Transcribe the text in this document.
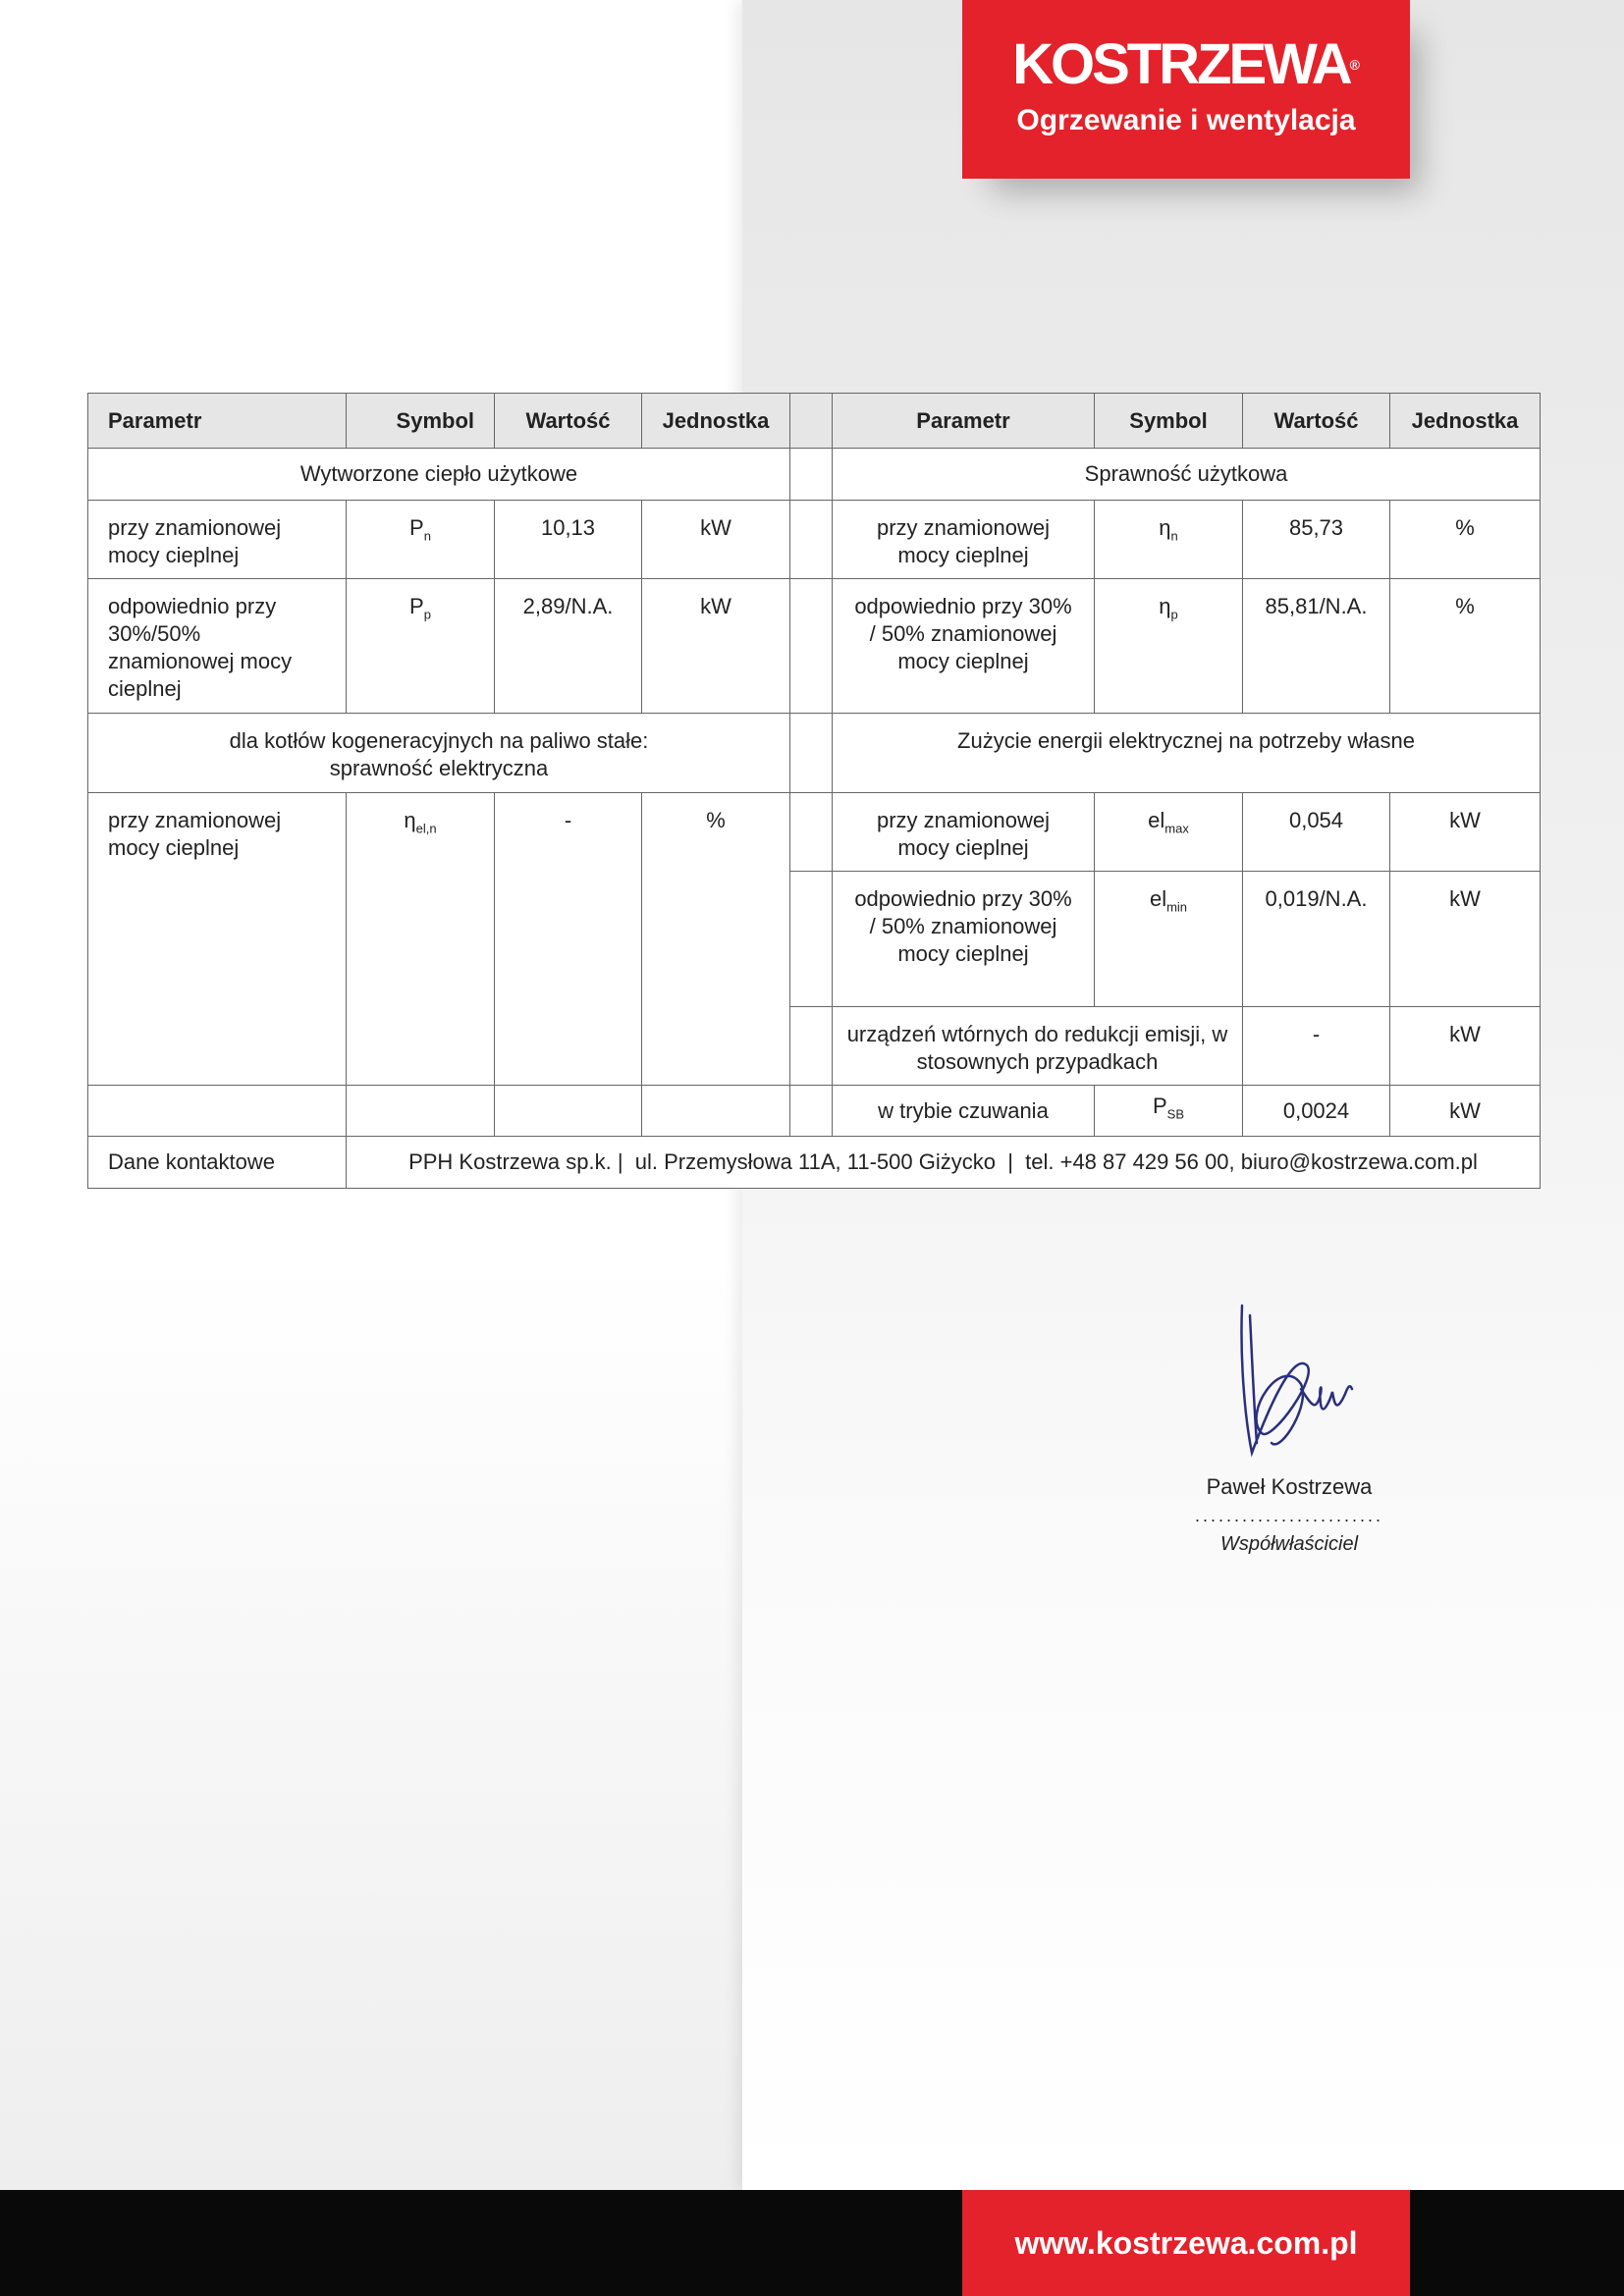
KOSTRZEWA®
Ogrzewanie i wentylacja
Parametr	Symbol	Wartość	Jednostka		Parametr	Symbol	Wartość	Jednostka
Wytworzone ciepło użytkowe					Sprawność użytkowa			
przy znamionowej mocy cieplnej	$P_n$	10,13	kW		przy znamionowej mocy cieplnej	$\eta_n$	85,73	%
odpowiednio przy 30%/50% znamionowej mocy cieplnej	$P_p$	2,89/N.A.	kW		odpowiednio przy 30% / 50% znamionowej mocy cieplnej	$\eta_p$	85,81/N.A.	%
dla kotłów kogeneracyjnych na paliwo stałe: sprawność elektryczna					Zużycie energii elektrycznej na potrzeby własne			
przy znamionowej mocy cieplnej	$\eta_{el,n}$	-	%		przy znamionowej mocy cieplnej	$el_{max}$	0,054	kW
					odpowiednio przy 30% / 50% znamionowej mocy cieplnej	$el_{min}$	0,019/N.A.	kW
					urządzeń wtórnych do redukcji emisji, w stosownych przypadkach		-	kW
					w trybie czuwania	$P_{SB}$	0,0024	kW
Dane kontaktowe	PPH Kostrzewa sp.k. |  ul. Przemysłowa 11A, 11-500 Giżycko  |  tel. +48 87 429 56 00, biuro@kostrzewa.com.pl							
Paweł Kostrzewa
........................
Współwłaściciel
www.kostrzewa.com.pl
